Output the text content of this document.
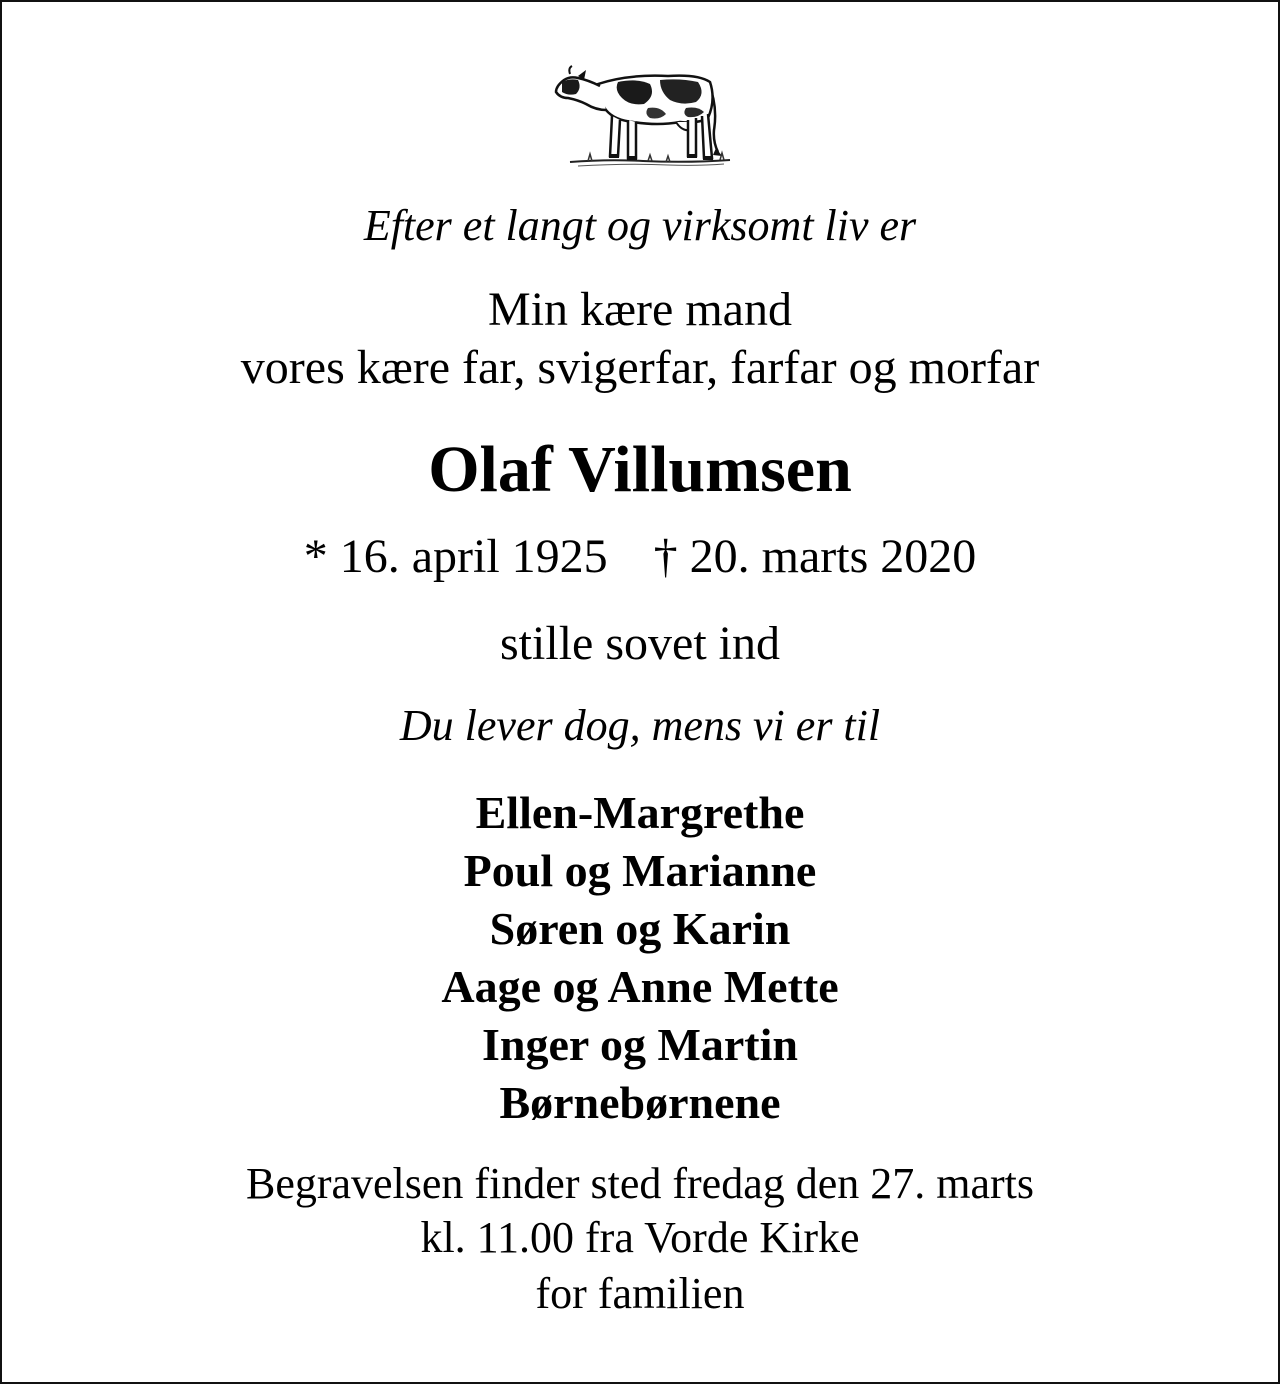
Efter et langt og virksomt liv er
Min kære mand
vores kære far, svigerfar, farfar og morfar
Olaf Villumsen
* 16. april 1925 † 20. marts 2020
stille sovet ind
Du lever dog, mens vi er til
Ellen-Margrethe
Poul og Marianne
Søren og Karin
Aage og Anne Mette
Inger og Martin
Børnebørnene
Begravelsen finder sted fredag den 27. marts
kl. 11.00 fra Vorde Kirke
for familien
